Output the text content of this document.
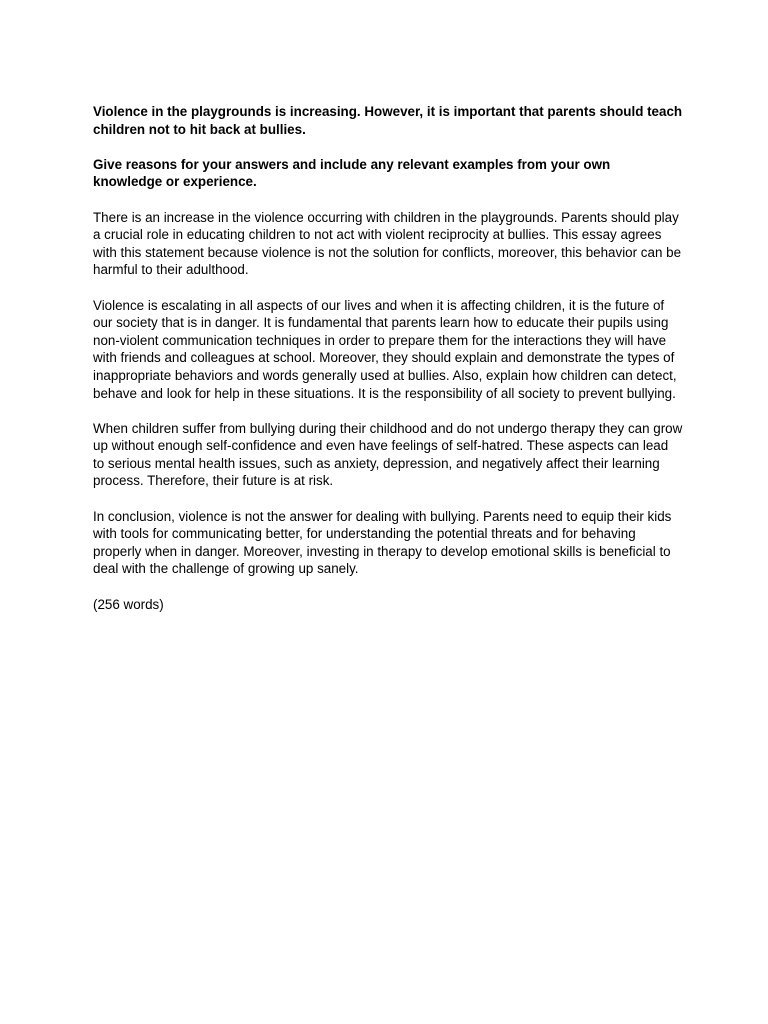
Violence in the playgrounds is increasing. However, it is important that parents should teach children not to hit back at bullies.

Give reasons for your answers and include any relevant examples from your own knowledge or experience.

There is an increase in the violence occurring with children in the playgrounds. Parents should play a crucial role in educating children to not act with violent reciprocity at bullies. This essay agrees with this statement because violence is not the solution for conflicts, moreover, this behavior can be harmful to their adulthood.

Violence is escalating in all aspects of our lives and when it is affecting children, it is the future of our society that is in danger. It is fundamental that parents learn how to educate their pupils using non-violent communication techniques in order to prepare them for the interactions they will have with friends and colleagues at school. Moreover, they should explain and demonstrate the types of inappropriate behaviors and words generally used at bullies. Also, explain how children can detect, behave and look for help in these situations. It is the responsibility of all society to prevent bullying.

When children suffer from bullying during their childhood and do not undergo therapy they can grow up without enough self-confidence and even have feelings of self-hatred. These aspects can lead to serious mental health issues, such as anxiety, depression, and negatively affect their learning process. Therefore, their future is at risk.

In conclusion, violence is not the answer for dealing with bullying. Parents need to equip their kids with tools for communicating better, for understanding the potential threats and for behaving properly when in danger. Moreover, investing in therapy to develop emotional skills is beneficial to deal with the challenge of growing up sanely.

(256 words)
